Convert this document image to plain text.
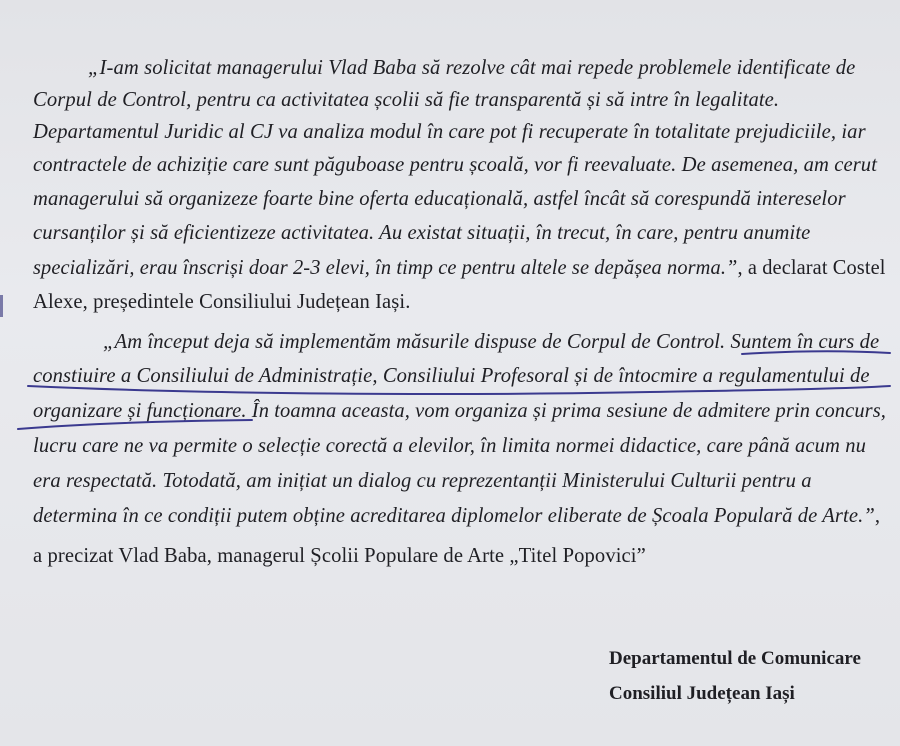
„I-am solicitat managerului Vlad Baba să rezolve cât mai repede problemele identificate de
Corpul de Control, pentru ca activitatea școlii să fie transparentă și să intre în legalitate.
Departamentul Juridic al CJ va analiza modul în care pot fi recuperate în totalitate prejudiciile, iar
contractele de achiziție care sunt păguboase pentru școală, vor fi reevaluate. De asemenea, am cerut
managerului să organizeze foarte bine oferta educațională, astfel încât să corespundă intereselor
cursanților și să eficientizeze activitatea. Au existat situații, în trecut, în care, pentru anumite
specializări, erau înscriși doar 2-3 elevi, în timp ce pentru altele se depășea norma.”, a declarat Costel
Alexe, președintele Consiliului Județean Iași.
„Am început deja să implementăm măsurile dispuse de Corpul de Control. Suntem în curs de
constiuire a Consiliului de Administrație, Consiliului Profesoral și de întocmire a regulamentului de
organizare și funcționare. În toamna aceasta, vom organiza și prima sesiune de admitere prin concurs,
lucru care ne va permite o selecție corectă a elevilor, în limita normei didactice, care până acum nu
era respectată. Totodată, am inițiat un dialog cu reprezentanții Ministerului Culturii pentru a
determina în ce condiții putem obține acreditarea diplomelor eliberate de Școala Populară de Arte.”,
a precizat Vlad Baba, managerul Școlii Populare de Arte „Titel Popovici”
Departamentul de Comunicare
Consiliul Județean Iași
